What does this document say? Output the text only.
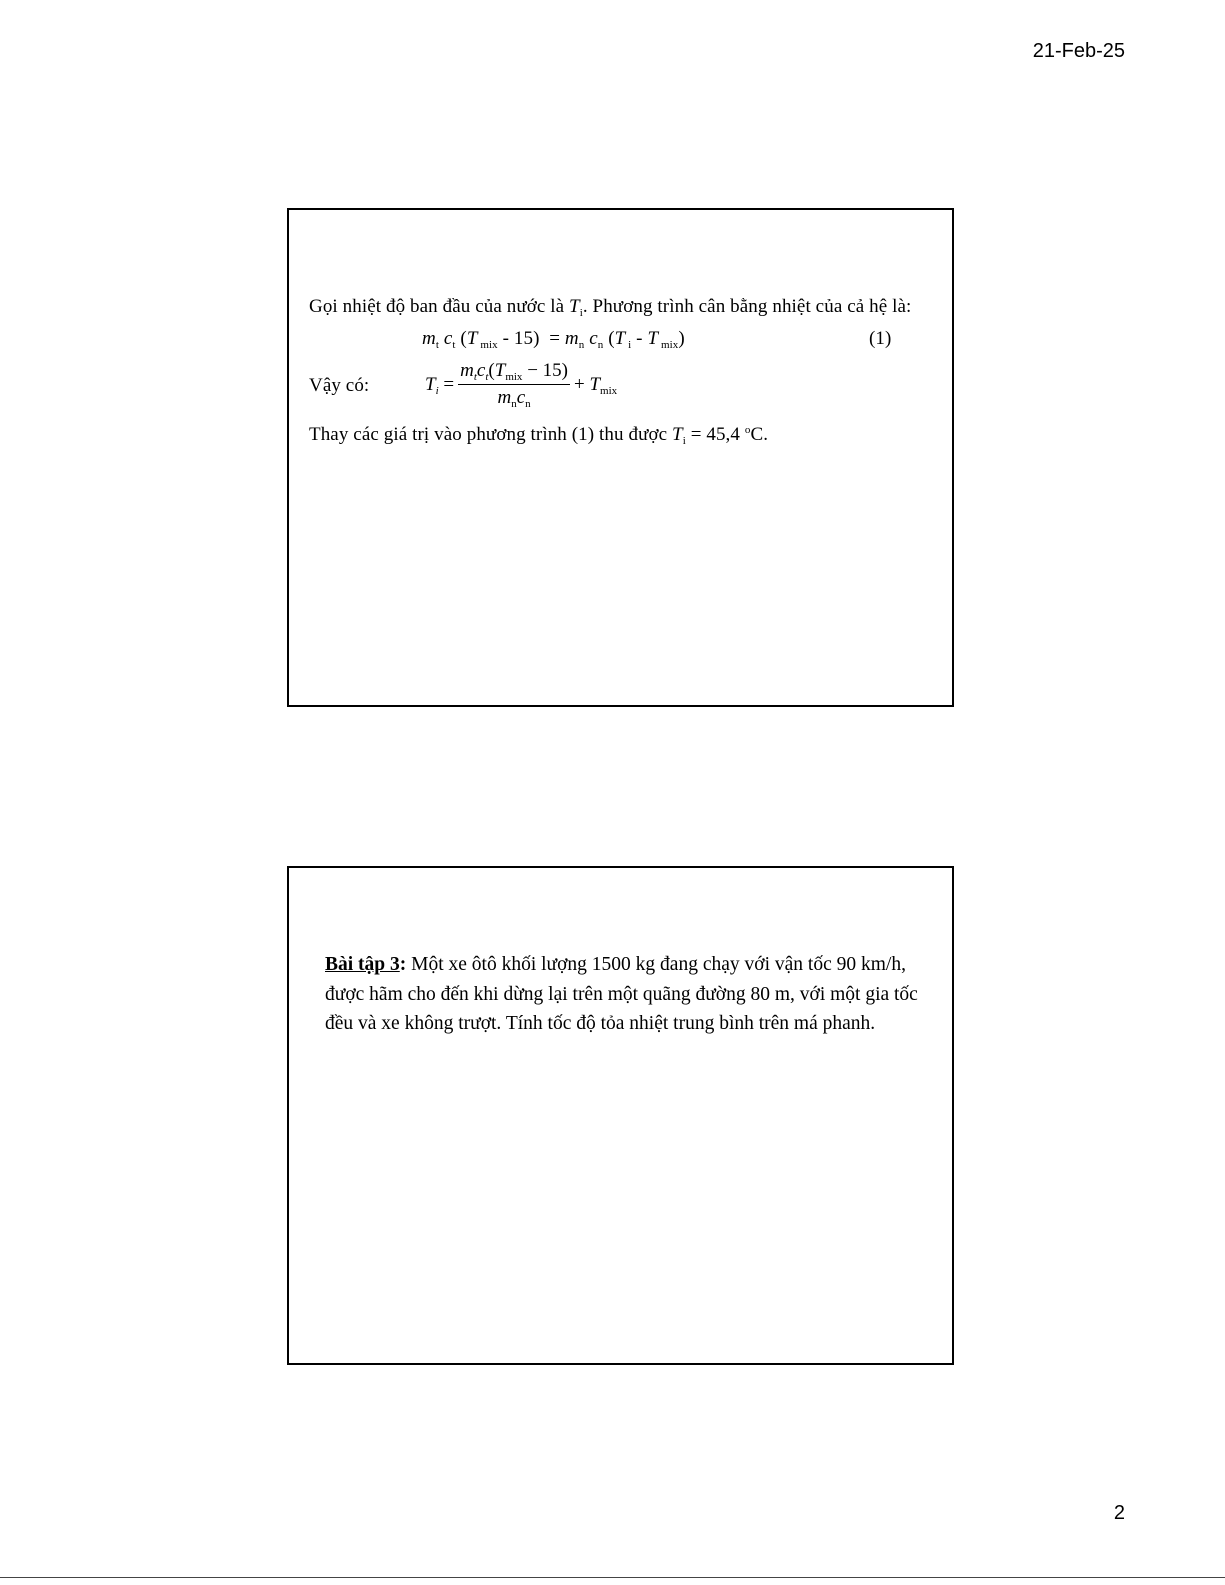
21-Feb-25
Gọi nhiệt độ ban đầu của nước là $T_i$. Phương trình cân bằng nhiệt của cả hệ là:
$m_t$ $c_t$ (T $_{mix} - 15) = m_n$ $c_n$ (T $_i$ - T $_{mix}$)	(1)
Vậy có:	$T_i = \frac{m_tc_t(T_{mix} - 15)}{m_nc_n} + T_{mix}$
Thay các giá trị vào phương trình (1) thu được $T_i = 45,4$ $^o$C.
Bài tập 3: Một xe ôtô khối lượng 1500 kg đang chạy với vận tốc 90 km/h, được hãm cho đến khi dừng lại trên một quãng đường 80 m, với một gia tốc đều và xe không trượt. Tính tốc độ tỏa nhiệt trung bình trên má phanh.
2
